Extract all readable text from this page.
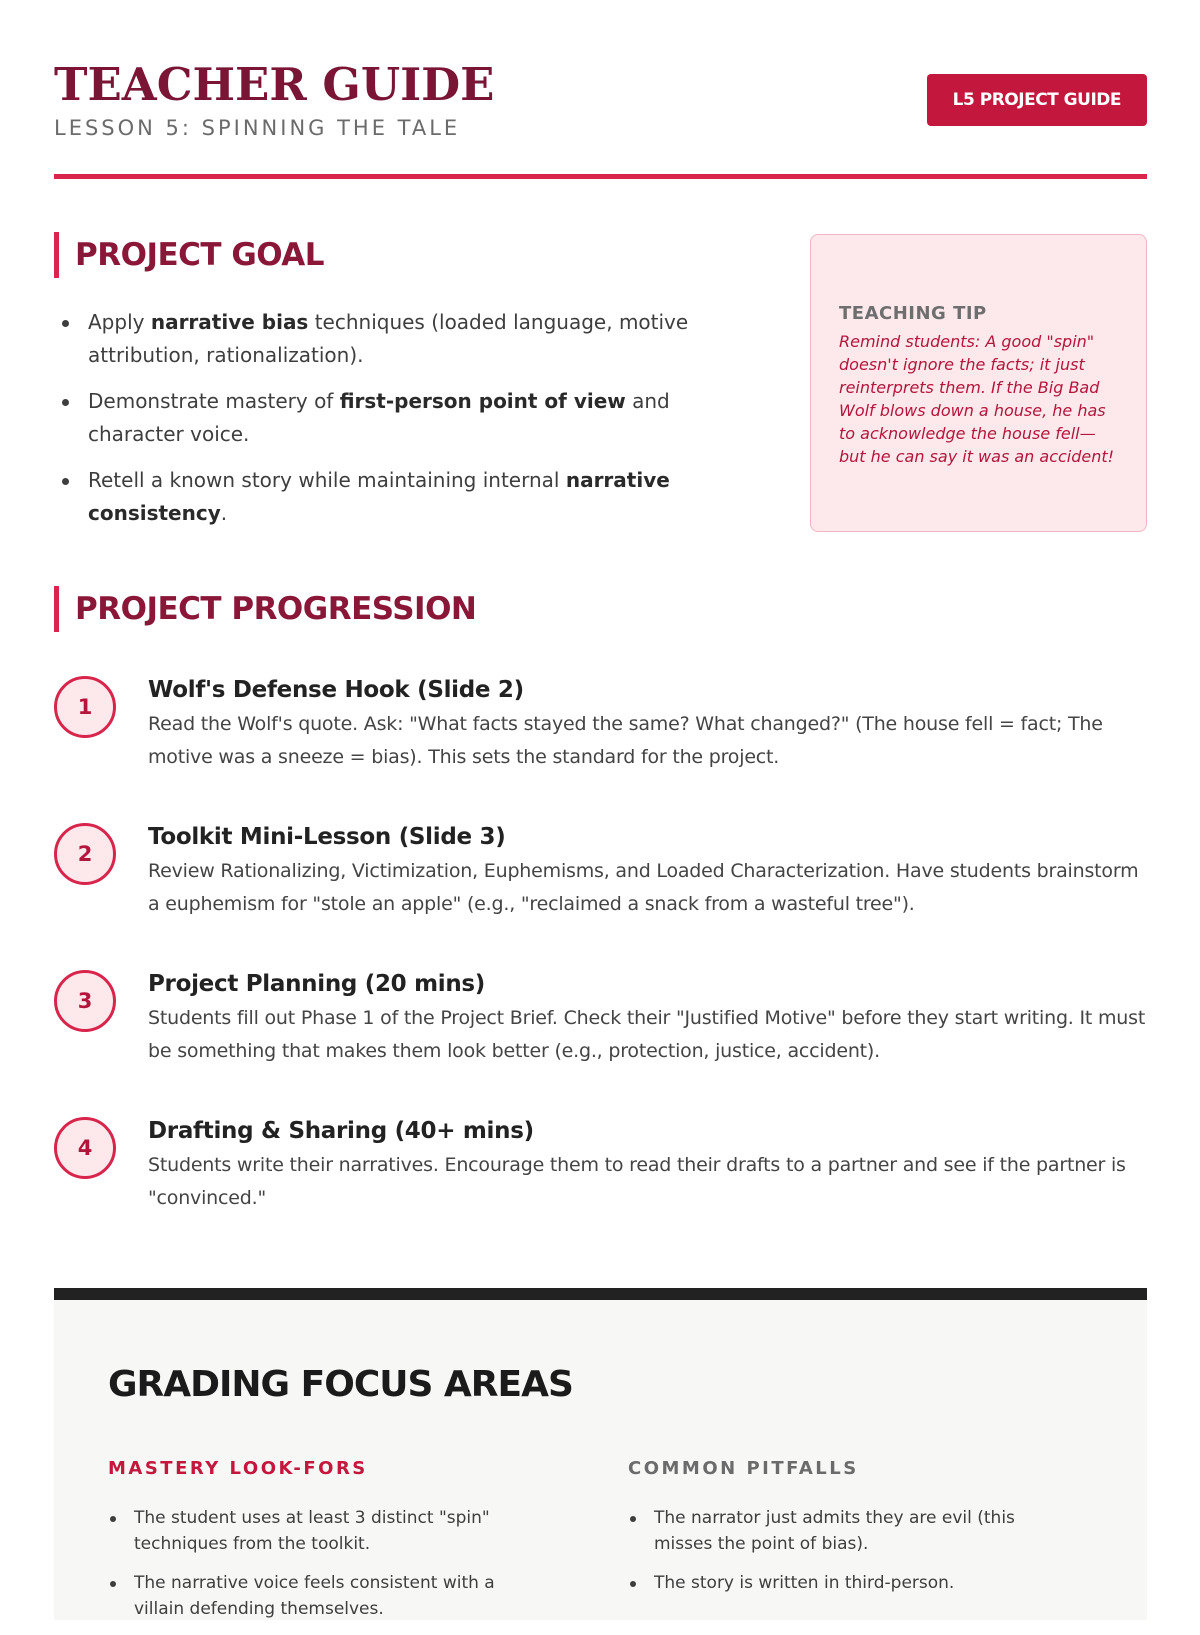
TEACHER GUIDE
LESSON 5: SPINNING THE TALE
L5 PROJECT GUIDE
PROJECT GOAL
Apply narrative bias techniques (loaded language, motive attribution, rationalization).
Demonstrate mastery of first-person point of view and character voice.
Retell a known story while maintaining internal narrative consistency.
TEACHING TIP
Remind students: A good "spin" doesn't ignore the facts; it just reinterprets them. If the Big Bad Wolf blows down a house, he has to acknowledge the house fell—but he can say it was an accident!
PROJECT PROGRESSION
1
Wolf's Defense Hook (Slide 2)
Read the Wolf's quote. Ask: "What facts stayed the same? What changed?" (The house fell = fact; The motive was a sneeze = bias). This sets the standard for the project.
2
Toolkit Mini-Lesson (Slide 3)
Review Rationalizing, Victimization, Euphemisms, and Loaded Characterization. Have students brainstorm a euphemism for "stole an apple" (e.g., "reclaimed a snack from a wasteful tree").
3
Project Planning (20 mins)
Students fill out Phase 1 of the Project Brief. Check their "Justified Motive" before they start writing. It must be something that makes them look better (e.g., protection, justice, accident).
4
Drafting & Sharing (40+ mins)
Students write their narratives. Encourage them to read their drafts to a partner and see if the partner is "convinced."
GRADING FOCUS AREAS
MASTERY LOOK-FORS
The student uses at least 3 distinct "spin" techniques from the toolkit.
The narrative voice feels consistent with a villain defending themselves.
COMMON PITFALLS
The narrator just admits they are evil (this misses the point of bias).
The story is written in third-person.
